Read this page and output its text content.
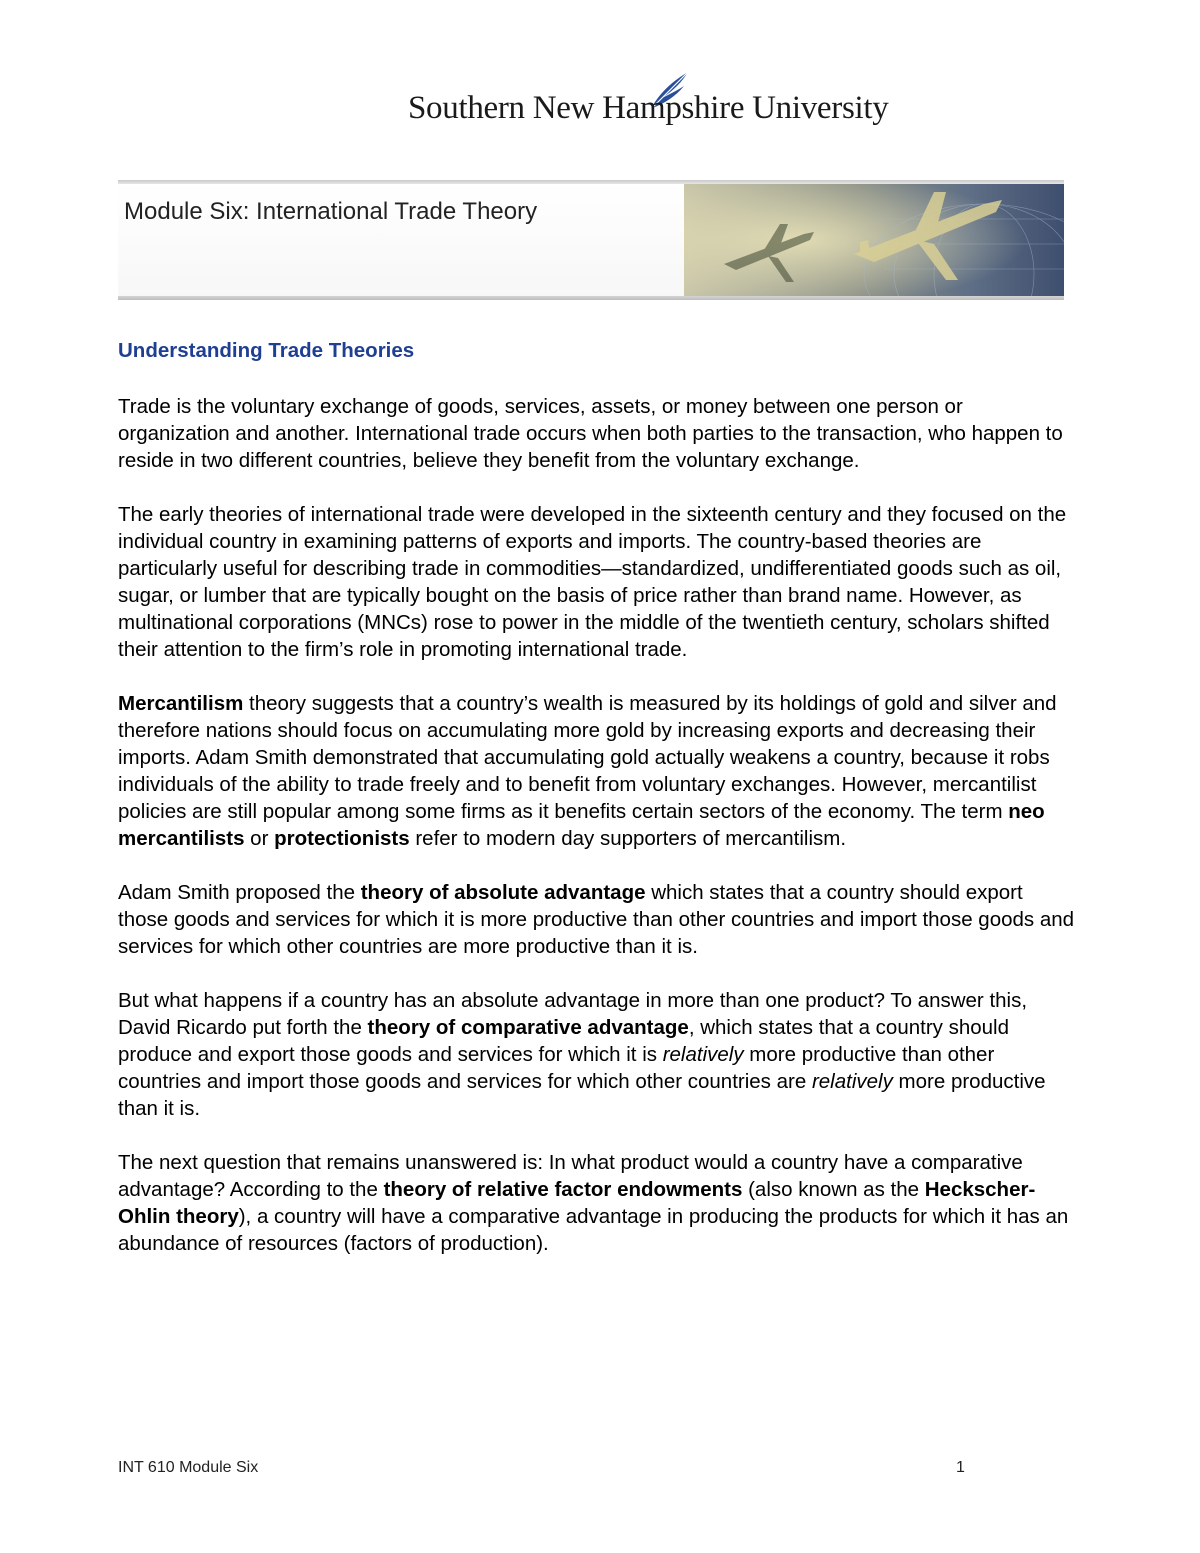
Southern New Hampshire University
Module Six: International Trade Theory
Understanding Trade Theories

Trade is the voluntary exchange of goods, services, assets, or money between one person or organization and another. International trade occurs when both parties to the transaction, who happen to reside in two different countries, believe they benefit from the voluntary exchange.

The early theories of international trade were developed in the sixteenth century and they focused on the individual country in examining patterns of exports and imports. The country-based theories are particularly useful for describing trade in commodities—standardized, undifferentiated goods such as oil, sugar, or lumber that are typically bought on the basis of price rather than brand name. However, as multinational corporations (MNCs) rose to power in the middle of the twentieth century, scholars shifted their attention to the firm’s role in promoting international trade.

Mercantilism theory suggests that a country’s wealth is measured by its holdings of gold and silver and therefore nations should focus on accumulating more gold by increasing exports and decreasing their imports. Adam Smith demonstrated that accumulating gold actually weakens a country, because it robs individuals of the ability to trade freely and to benefit from voluntary exchanges. However, mercantilist policies are still popular among some firms as it benefits certain sectors of the economy. The term neo mercantilists or protectionists refer to modern day supporters of mercantilism.

Adam Smith proposed the theory of absolute advantage which states that a country should export those goods and services for which it is more productive than other countries and import those goods and services for which other countries are more productive than it is.

But what happens if a country has an absolute advantage in more than one product? To answer this, David Ricardo put forth the theory of comparative advantage, which states that a country should produce and export those goods and services for which it is relatively more productive than other countries and import those goods and services for which other countries are relatively more productive than it is.

The next question that remains unanswered is: In what product would a country have a comparative advantage? According to the theory of relative factor endowments (also known as the Heckscher-Ohlin theory), a country will have a comparative advantage in producing the products for which it has an abundance of resources (factors of production).

INT 610 Module Six	1
